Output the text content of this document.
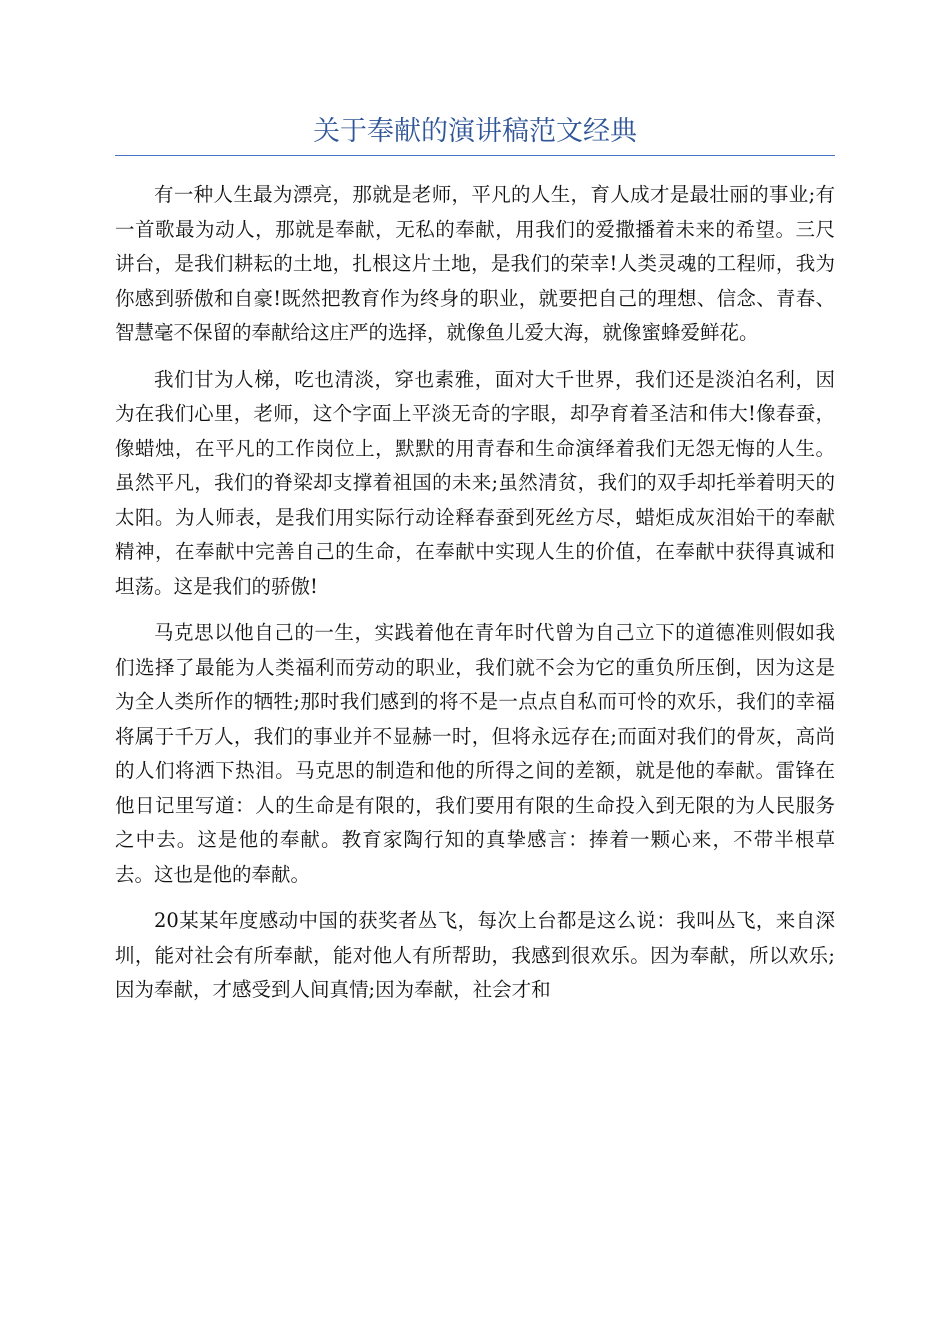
关于奉献的演讲稿范文经典

有一种人生最为漂亮，那就是老师，平凡的人生，育人成才是最壮丽的事业;有一首歌最为动人，那就是奉献，无私的奉献，用我们的爱撒播着未来的希望。三尺讲台，是我们耕耘的土地，扎根这片土地，是我们的荣幸!人类灵魂的工程师，我为你感到骄傲和自豪!既然把教育作为终身的职业，就要把自己的理想、信念、青春、智慧毫不保留的奉献给这庄严的选择，就像鱼儿爱大海，就像蜜蜂爱鲜花。

我们甘为人梯，吃也清淡，穿也素雅，面对大千世界，我们还是淡泊名利，因为在我们心里，老师，这个字面上平淡无奇的字眼，却孕育着圣洁和伟大!像春蚕，像蜡烛，在平凡的工作岗位上，默默的用青春和生命演绎着我们无怨无悔的人生。虽然平凡，我们的脊梁却支撑着祖国的未来;虽然清贫，我们的双手却托举着明天的太阳。为人师表，是我们用实际行动诠释春蚕到死丝方尽，蜡炬成灰泪始干的奉献精神，在奉献中完善自己的生命，在奉献中实现人生的价值，在奉献中获得真诚和坦荡。这是我们的骄傲!

马克思以他自己的一生，实践着他在青年时代曾为自己立下的道德准则假如我们选择了最能为人类福利而劳动的职业，我们就不会为它的重负所压倒，因为这是为全人类所作的牺牲;那时我们感到的将不是一点点自私而可怜的欢乐，我们的幸福将属于千万人，我们的事业并不显赫一时，但将永远存在;而面对我们的骨灰，高尚的人们将洒下热泪。马克思的制造和他的所得之间的差额，就是他的奉献。雷锋在他日记里写道：人的生命是有限的，我们要用有限的生命投入到无限的为人民服务之中去。这是他的奉献。教育家陶行知的真挚感言：捧着一颗心来，不带半根草去。这也是他的奉献。

20某某年度感动中国的获奖者丛飞，每次上台都是这么说：我叫丛飞，来自深圳，能对社会有所奉献，能对他人有所帮助，我感到很欢乐。因为奉献，所以欢乐;因为奉献，才感受到人间真情;因为奉献，社会才和
